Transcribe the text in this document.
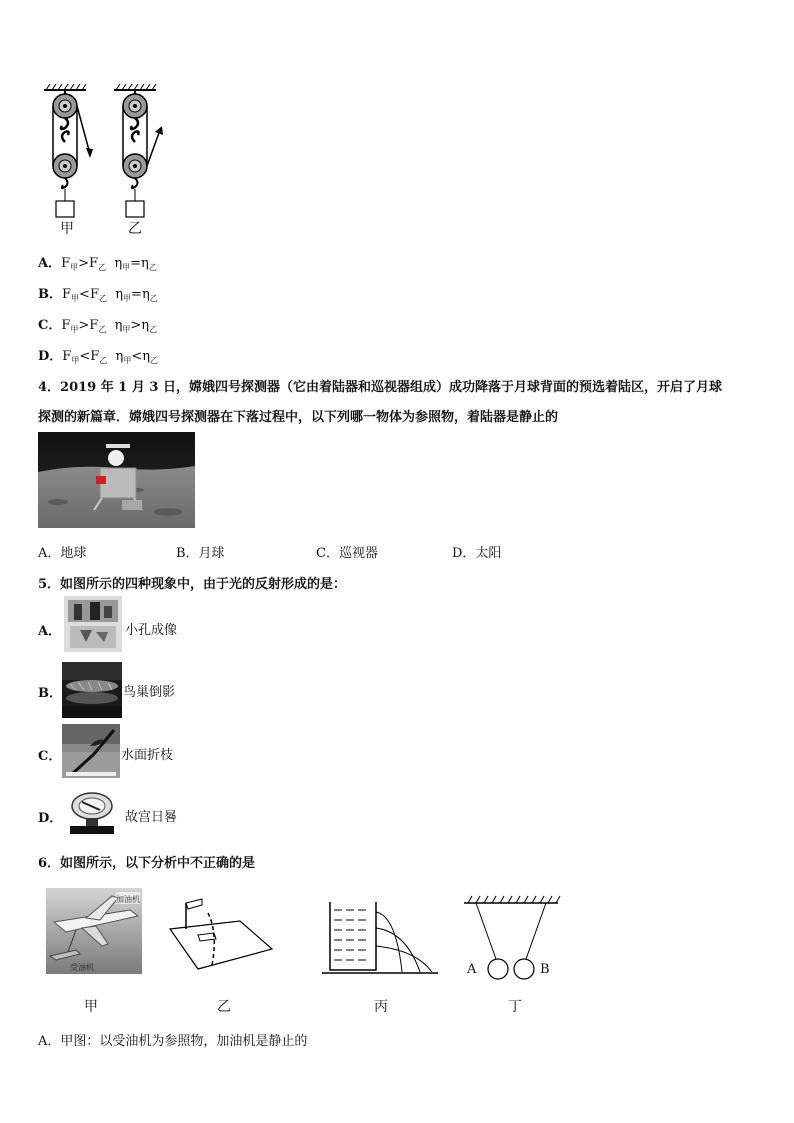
甲	乙
A．$F_甲>F_乙$ $\eta_甲=\eta_乙$
B．$F_甲<F_乙$ $\eta_甲=\eta_乙$
C．$F_甲>F_乙$ $\eta_甲>\eta_乙$
D．$F_甲<F_乙$ $\eta_甲<\eta_乙$
4．2019 年 1 月 3 日，嫦娥四号探测器（它由着陆器和巡视器组成）成功降落于月球背面的预选着陆区，开启了月球
探测的新篇章．嫦娥四号探测器在下落过程中，以下列哪一物体为参照物，着陆器是静止的
A．地球	B．月球	C．巡视器	D．太阳
5．如图所示的四种现象中，由于光的反射形成的是：
A．	小孔成像
B．	鸟巢倒影
C．	水面折枝
D．	故宫日晷
6．如图所示，以下分析中不正确的是
加油机
受油机	A	B
甲	乙	丙	丁
A．甲图：以受油机为参照物，加油机是静止的
